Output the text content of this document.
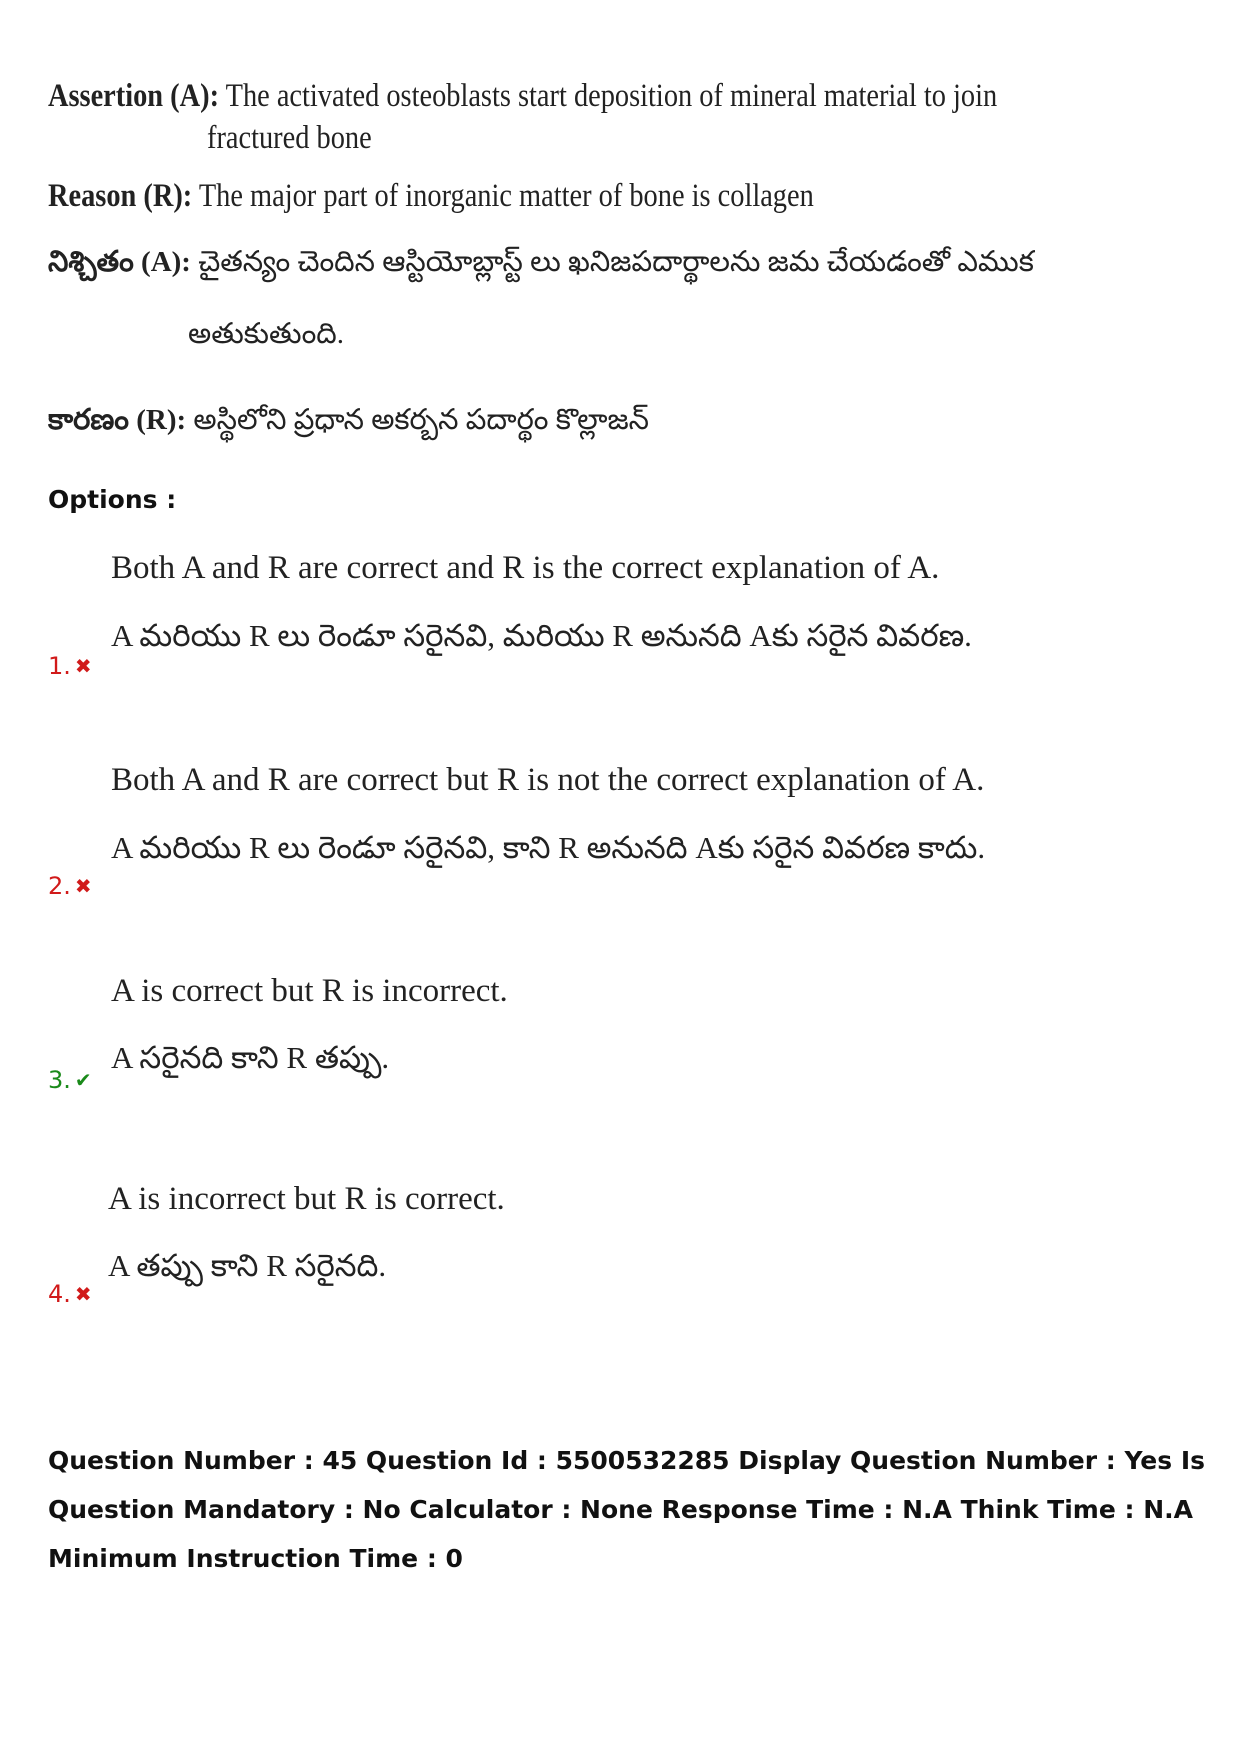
Assertion (A): The activated osteoblasts start deposition of mineral material to join
fractured bone
Reason (R): The major part of inorganic matter of bone is collagen
నిశ్చితం (A): చైతన్యం చెందిన ఆస్టియోబ్లాస్ట్ లు ఖనిజపదార్థాలను జమ చేయడంతో ఎముక
అతుకుతుంది.
కారణం (R): అస్థిలోని ప్రధాన అకర్బన పదార్థం కొల్లాజన్
Options :
Both A and R are correct and R is the correct explanation of A.
A మరియు R లు రెండూ సరైనవి, మరియు R అనునది Aకు సరైన వివరణ.
1. ✖
Both A and R are correct but R is not the correct explanation of A.
A మరియు R లు రెండూ సరైనవి, కాని R అనునది Aకు సరైన వివరణ కాదు.
2. ✖
A is correct but R is incorrect.
A సరైనది కాని R తప్పు.
3. ✔
A is incorrect but R is correct.
A తప్పు కాని R సరైనది.
4. ✖
Question Number : 45 Question Id : 5500532285 Display Question Number : Yes Is Question Mandatory : No Calculator : None Response Time : N.A Think Time : N.A Minimum Instruction Time : 0
